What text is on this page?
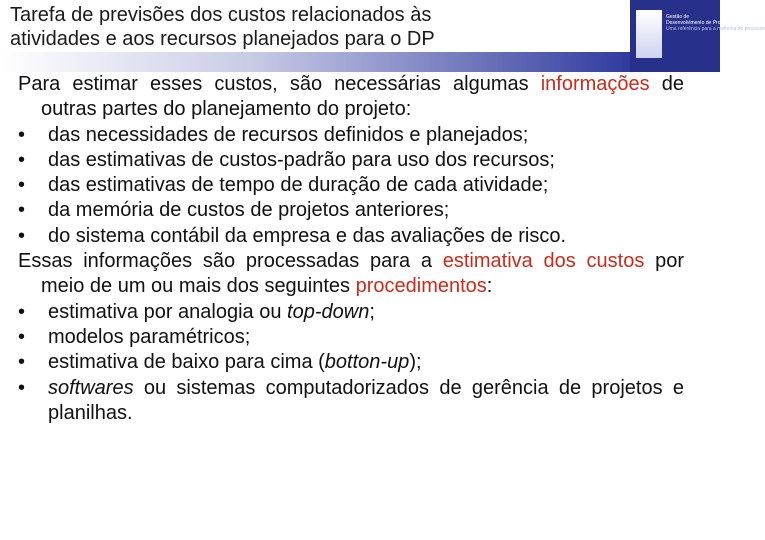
Tarefa de previsões dos custos relacionados às
atividades e aos recursos planejados para o DP
Gestão de
Desenvolvimento de Produtos
Uma referência para a melhoria do processo
Para estimar esses custos, são necessárias algumas informações de outras partes do planejamento do projeto:
•	das necessidades de recursos definidos e planejados;
•	das estimativas de custos-padrão para uso dos recursos;
•	das estimativas de tempo de duração de cada atividade;
•	da memória de custos de projetos anteriores;
•	do sistema contábil da empresa e das avaliações de risco.
Essas informações são processadas para a estimativa dos custos por meio de um ou mais dos seguintes procedimentos:
•	estimativa por analogia ou top-down;
•	modelos paramétricos;
•	estimativa de baixo para cima (botton-up);
•	softwares ou sistemas computadorizados de gerência de projetos e planilhas.
